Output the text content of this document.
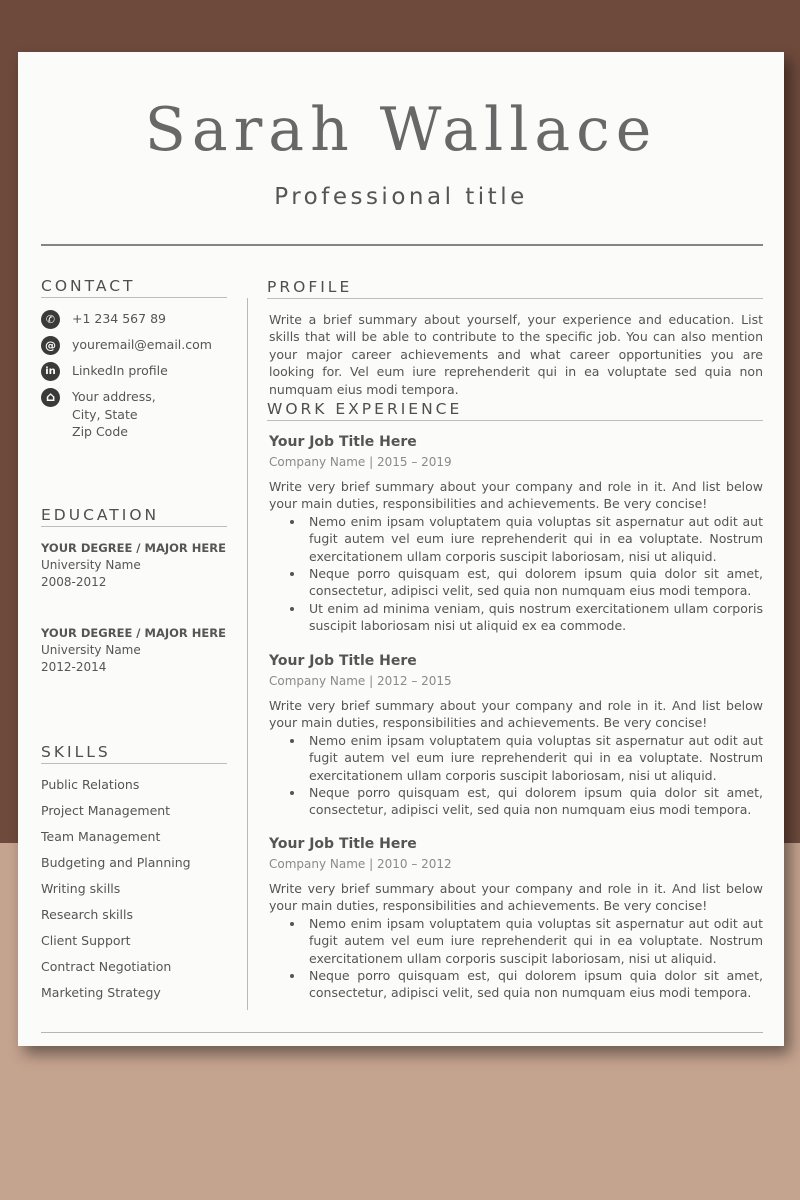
Sarah Wallace
Professional title
CONTACT
✆	+1 234 567 89
@	youremail@email.com
in	LinkedIn profile
⌂	Your address,
City, State
Zip Code
EDUCATION
YOUR DEGREE / MAJOR HERE
University Name
2008-2012
YOUR DEGREE / MAJOR HERE
University Name
2012-2014
SKILLS
Public Relations
Project Management
Team Management
Budgeting and Planning
Writing skills
Research skills
Client Support
Contract Negotiation
Marketing Strategy
PROFILE
Write a brief summary about yourself, your experience and education. List skills that will be able to contribute to the specific job. You can also mention your major career achievements and what career opportunities you are looking for. Vel eum iure reprehenderit qui in ea voluptate sed quia non numquam eius modi tempora.
WORK EXPERIENCE
Your Job Title Here
Company Name | 2015 – 2019
Write very brief summary about your company and role in it. And list below your main duties, responsibilities and achievements. Be very concise!
Nemo enim ipsam voluptatem quia voluptas sit aspernatur aut odit aut fugit autem vel eum iure reprehenderit qui in ea voluptate. Nostrum exercitationem ullam corporis suscipit laboriosam, nisi ut aliquid.
Neque porro quisquam est, qui dolorem ipsum quia dolor sit amet, consectetur, adipisci velit, sed quia non numquam eius modi tempora.
Ut enim ad minima veniam, quis nostrum exercitationem ullam corporis suscipit laboriosam nisi ut aliquid ex ea commode.
Your Job Title Here
Company Name | 2012 – 2015
Write very brief summary about your company and role in it. And list below your main duties, responsibilities and achievements. Be very concise!
Nemo enim ipsam voluptatem quia voluptas sit aspernatur aut odit aut fugit autem vel eum iure reprehenderit qui in ea voluptate. Nostrum exercitationem ullam corporis suscipit laboriosam, nisi ut aliquid.
Neque porro quisquam est, qui dolorem ipsum quia dolor sit amet, consectetur, adipisci velit, sed quia non numquam eius modi tempora.
Your Job Title Here
Company Name | 2010 – 2012
Write very brief summary about your company and role in it. And list below your main duties, responsibilities and achievements. Be very concise!
Nemo enim ipsam voluptatem quia voluptas sit aspernatur aut odit aut fugit autem vel eum iure reprehenderit qui in ea voluptate. Nostrum exercitationem ullam corporis suscipit laboriosam, nisi ut aliquid.
Neque porro quisquam est, qui dolorem ipsum quia dolor sit amet, consectetur, adipisci velit, sed quia non numquam eius modi tempora.
